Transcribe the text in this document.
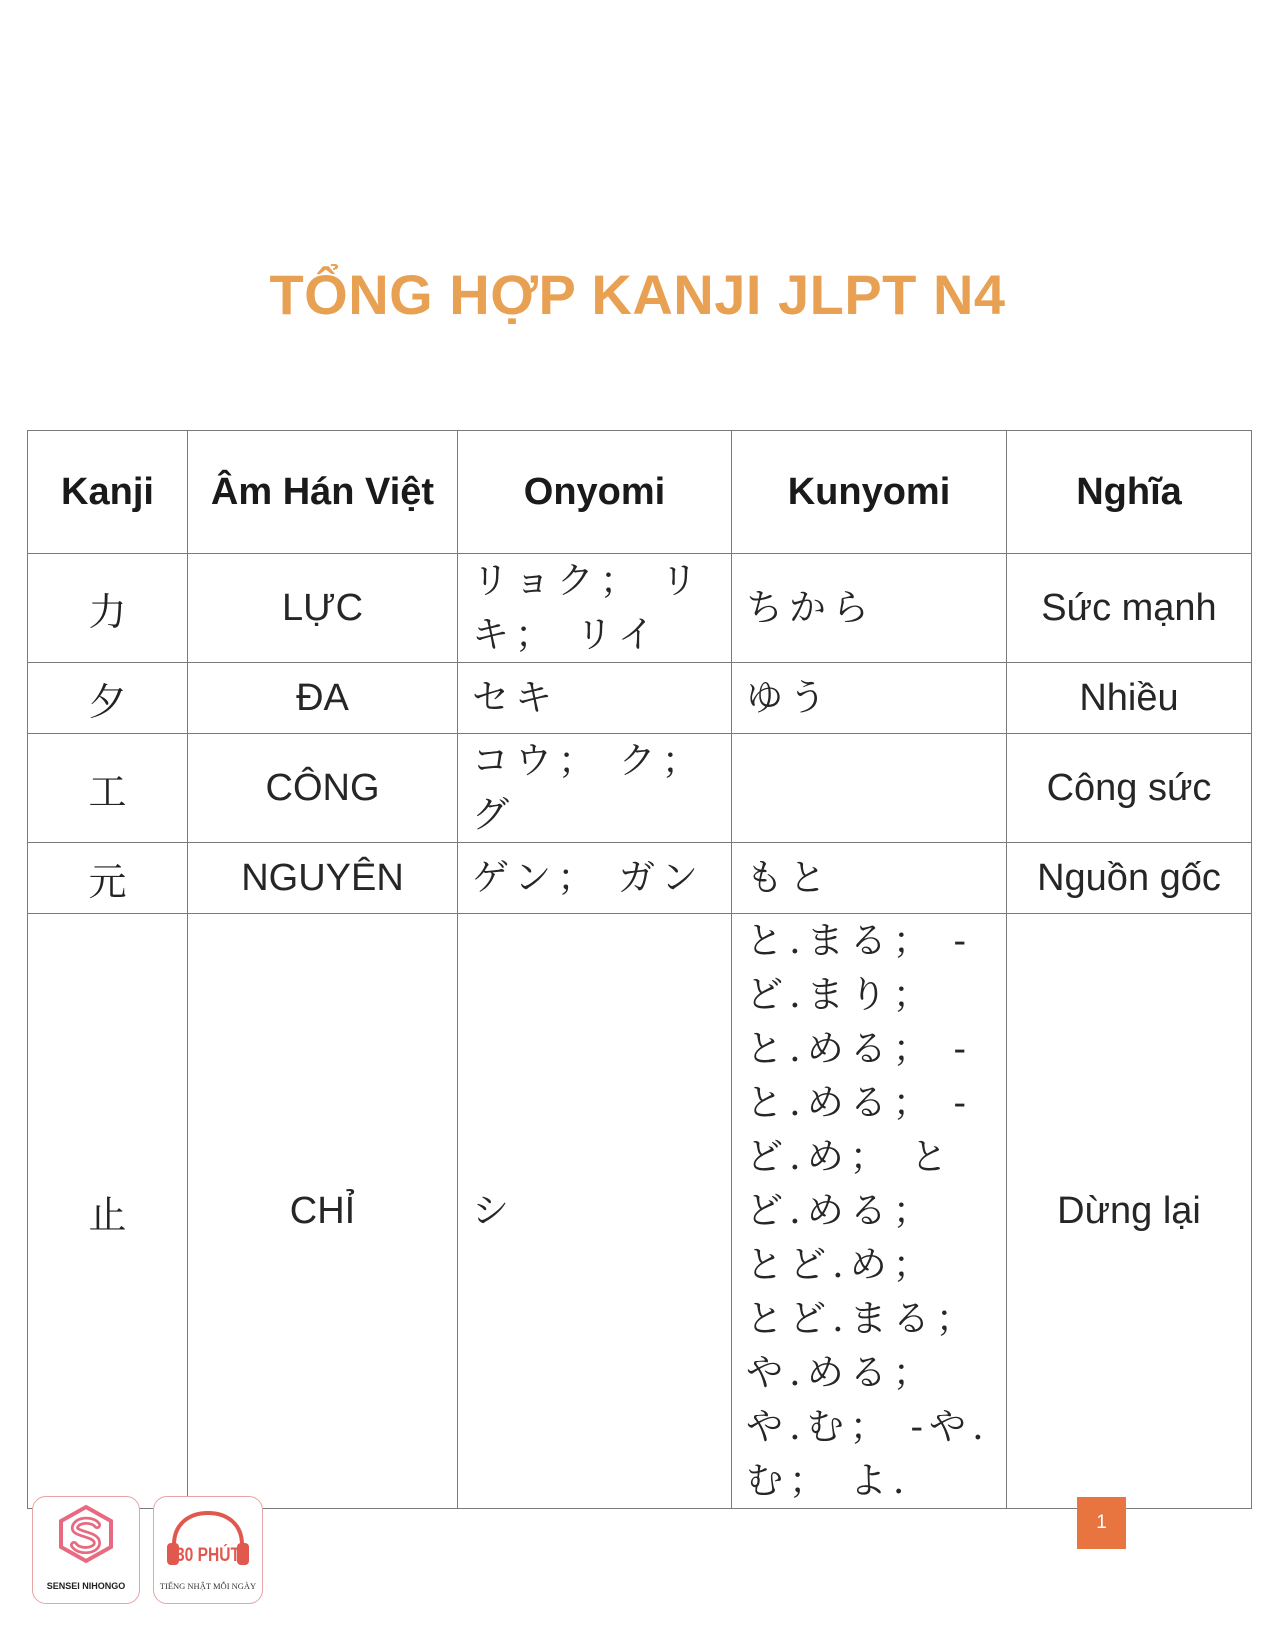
TỔNG HỢP KANJI JLPT N4
Kanji	Âm Hán Việt	Onyomi	Kunyomi	Nghĩa
力	LỰC	リョク； リキ； リイ	ちから	Sức mạnh
夕	ĐA	セキ	ゆう	Nhiều
工	CÔNG	コウ； ク； グ		Công sức
元	NGUYÊN	ゲン； ガン	もと	Nguồn gốc
止	CHỈ	シ	と.まる； -ど.まり； と.める； -と.める； -ど.め； とど.める； とど.め； とど.まる； や.める； や.む； -や.む； よ.	Dừng lại
SENSEI NIHONGO
30 PHÚT
TIẾNG NHẬT MỖI NGÀY
1
